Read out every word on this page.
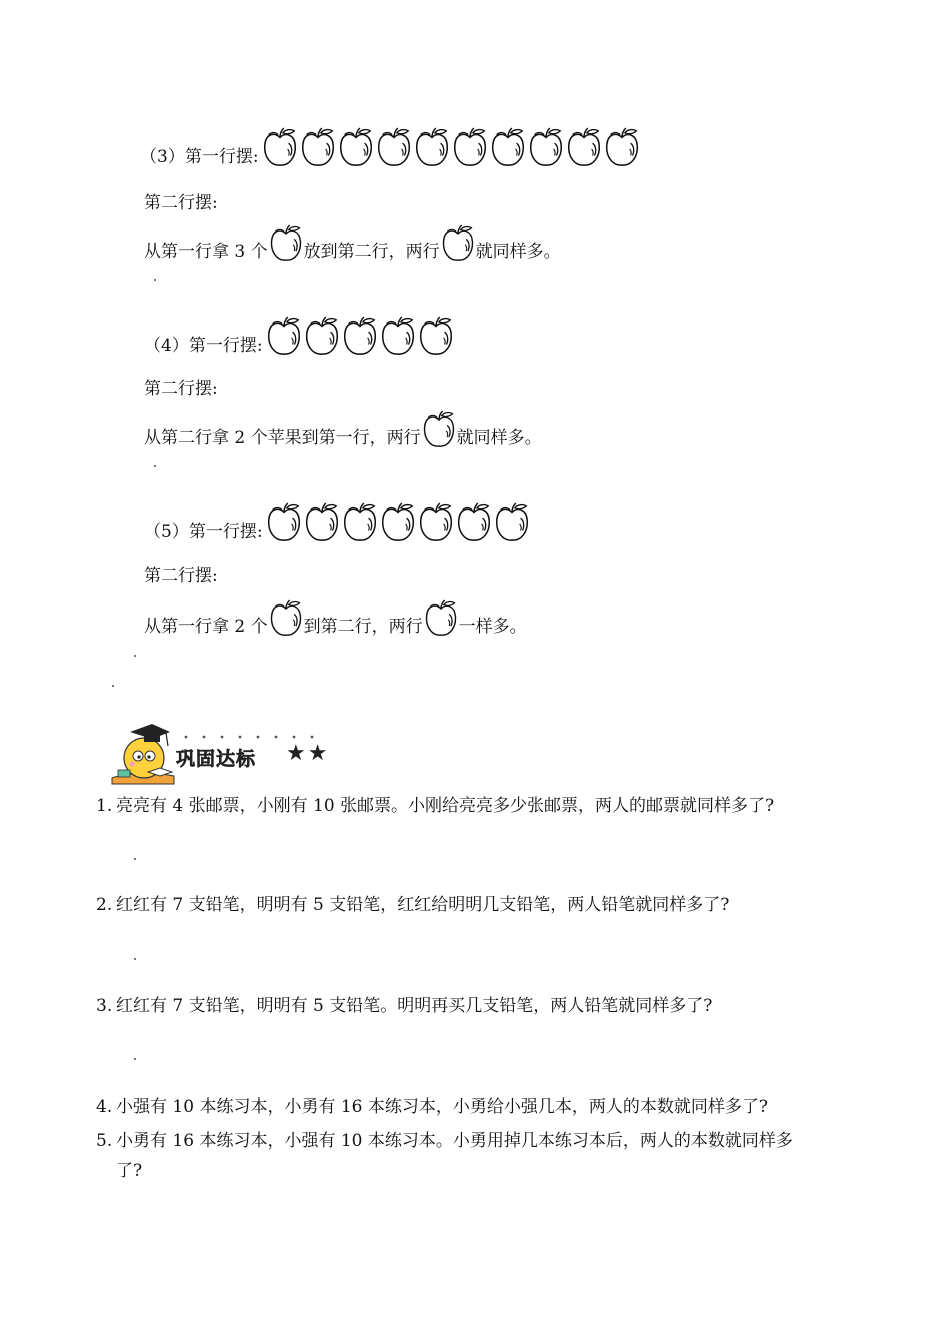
（3）第一行摆:
第二行摆:
从第一行拿 3 个 放到第二行，两行 就同样多。
（4）第一行摆:
第二行摆:
从第二行拿 2 个苹果到第一行，两行 就同样多。
（5）第一行摆:
第二行摆:
从第一行拿 2 个 到第二行，两行 一样多。
巩固达标 ★★
1. 亮亮有 4 张邮票，小刚有 10 张邮票。小刚给亮亮多少张邮票，两人的邮票就同样多了?
2. 红红有 7 支铅笔，明明有 5 支铅笔，红红给明明几支铅笔，两人铅笔就同样多了?
3. 红红有 7 支铅笔，明明有 5 支铅笔。明明再买几支铅笔，两人铅笔就同样多了?
4. 小强有 10 本练习本，小勇有 16 本练习本，小勇给小强几本，两人的本数就同样多了?
5. 小勇有 16 本练习本，小强有 10 本练习本。小勇用掉几本练习本后，两人的本数就同样多
了?
